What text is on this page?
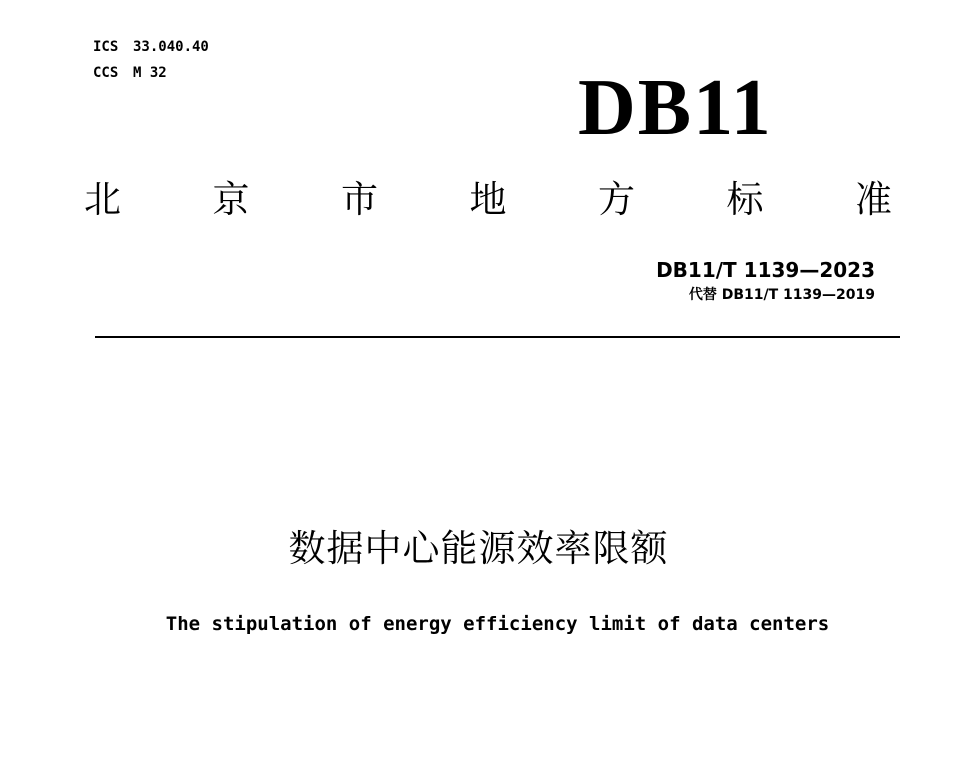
ICS 33.040.40
CCS M 32	DB11
北 京 市 地 方 标 准
DB11/T 1139—2023
代替 DB11/T 1139—2019
数据中心能源效率限额
The stipulation of energy efficiency limit of data centers
